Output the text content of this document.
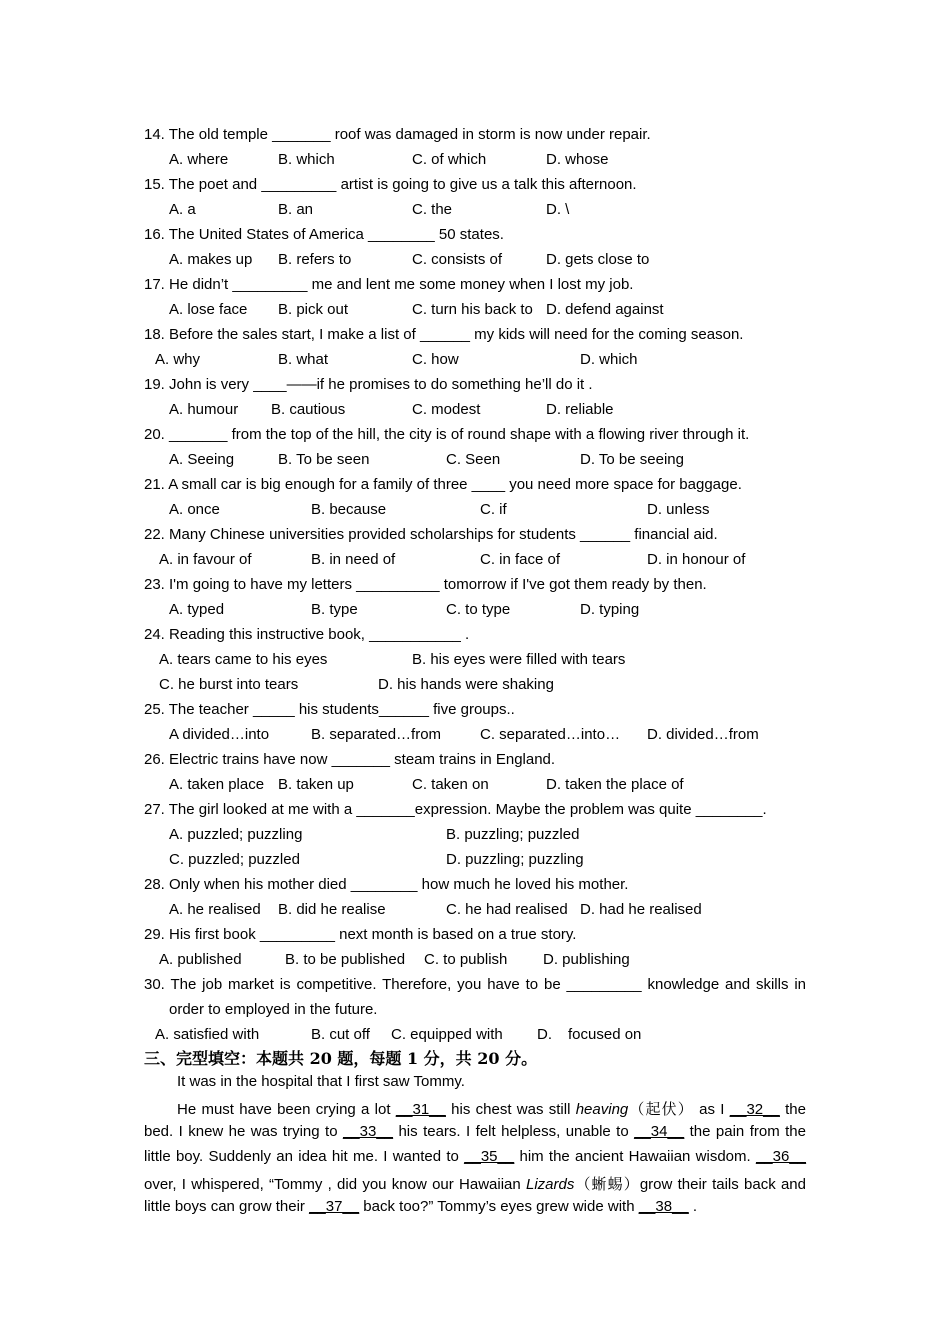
14. The old temple _______ roof was damaged in storm is now under repair.
A. where	B. which	C. of which	D. whose
15. The poet and _________ artist is going to give us a talk this afternoon.
A. a	B. an	C. the	D. \
16. The United States of America ________ 50 states.
A. makes up B. refers to	C. consists of	D. gets close to
17. He didn’t _________ me and lent me some money when I lost my job.
A. lose face B. pick out	C. turn his back to D. defend against
18. Before the sales start, I make a list of ______ my kids will need for the coming season.
A. why	B. what	C. how	D. which
19. John is very ____——if he promises to do something he’ll do it .
A. humour B. cautious	C. modest	D. reliable
20. _______ from the top of the hill, the city is of round shape with a flowing river through it.
A. Seeing	B. To be seen	C. Seen	D. To be seeing
21. A small car is big enough for a family of three ____ you need more space for baggage.
A. once	B. because	C. if	D. unless
22. Many Chinese universities provided scholarships for students ______ financial aid.
A. in favour of	B. in need of	C. in face of	D. in honour of
23. I'm going to have my letters __________ tomorrow if I've got them ready by then.
A. typed	B. type	C. to type	D. typing
24. Reading this instructive book, ___________ .
A. tears came to his eyes	B. his eyes were filled with tears
C. he burst into tears	D. his hands were shaking
25. The teacher _____ his students______ five groups..
A divided…into	B. separated…from	C. separated…into… D. divided…from
26. Electric trains have now _______ steam trains in England.
A. taken place B. taken up	C. taken on	D. taken the place of
27. The girl looked at me with a _______expression. Maybe the problem was quite ________.
A. puzzled; puzzling	B. puzzling; puzzled
C. puzzled; puzzled	D. puzzling; puzzling
28. Only when his mother died ________ how much he loved his mother.
A. he realised B. did he realise	C. he had realised D. had he realised
29. His first book _________ next month is based on a true story.
A. published	B. to be published C. to publish D. publishing
30. The job market is competitive. Therefore, you have to be _________ knowledge and skills in
order to employed in the future.
A. satisfied with	B. cut off C. equipped with D. focused on
三、完型填空：本题共 20 题，每题 1 分，共 20 分。
It was in the hospital that I first saw Tommy.
He must have been crying a lot __31__ his chest was still heaving（起伏） as I __32__ the
bed. I knew he was trying to __33__ his tears. I felt helpless, unable to __34__ the pain from the
little boy. Suddenly an idea hit me. I wanted to __35__ him the ancient Hawaiian wisdom. __36__
over, I whispered, “Tommy , did you know our Hawaiian Lizards（蜥蜴）grow their tails back and
little boys can grow their __37__ back too?” Tommy’s eyes grew wide with __38__ .
